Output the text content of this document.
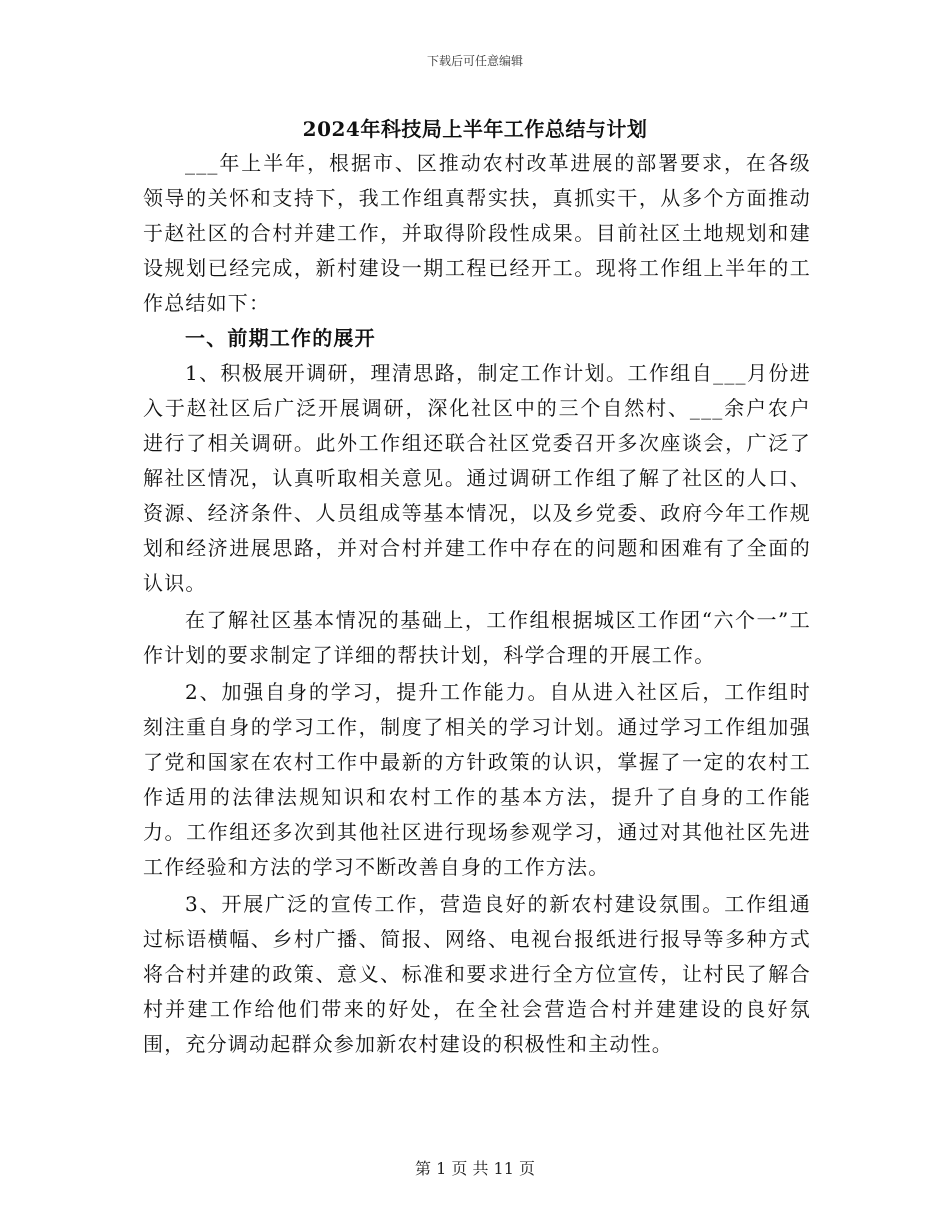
下载后可任意编辑
2024年科技局上半年工作总结与计划

___年上半年，根据市、区推动农村改革进展的部署要求，在各级领导的关怀和支持下，我工作组真帮实扶，真抓实干，从多个方面推动于赵社区的合村并建工作，并取得阶段性成果。目前社区土地规划和建设规划已经完成，新村建设一期工程已经开工。现将工作组上半年的工作总结如下：

一、前期工作的展开

1、积极展开调研，理清思路，制定工作计划。工作组自___月份进入于赵社区后广泛开展调研，深化社区中的三个自然村、___余户农户进行了相关调研。此外工作组还联合社区党委召开多次座谈会，广泛了解社区情况，认真听取相关意见。通过调研工作组了解了社区的人口、资源、经济条件、人员组成等基本情况，以及乡党委、政府今年工作规划和经济进展思路，并对合村并建工作中存在的问题和困难有了全面的认识。

在了解社区基本情况的基础上，工作组根据城区工作团“六个一”工作计划的要求制定了详细的帮扶计划，科学合理的开展工作。

2、加强自身的学习，提升工作能力。自从进入社区后，工作组时刻注重自身的学习工作，制度了相关的学习计划。通过学习工作组加强了党和国家在农村工作中最新的方针政策的认识，掌握了一定的农村工作适用的法律法规知识和农村工作的基本方法，提升了自身的工作能力。工作组还多次到其他社区进行现场参观学习，通过对其他社区先进工作经验和方法的学习不断改善自身的工作方法。

3、开展广泛的宣传工作，营造良好的新农村建设氛围。工作组通过标语横幅、乡村广播、简报、网络、电视台报纸进行报导等多种方式将合村并建的政策、意义、标准和要求进行全方位宣传，让村民了解合村并建工作给他们带来的好处，在全社会营造合村并建建设的良好氛围，充分调动起群众参加新农村建设的积极性和主动性。

第 1 页 共 11 页
